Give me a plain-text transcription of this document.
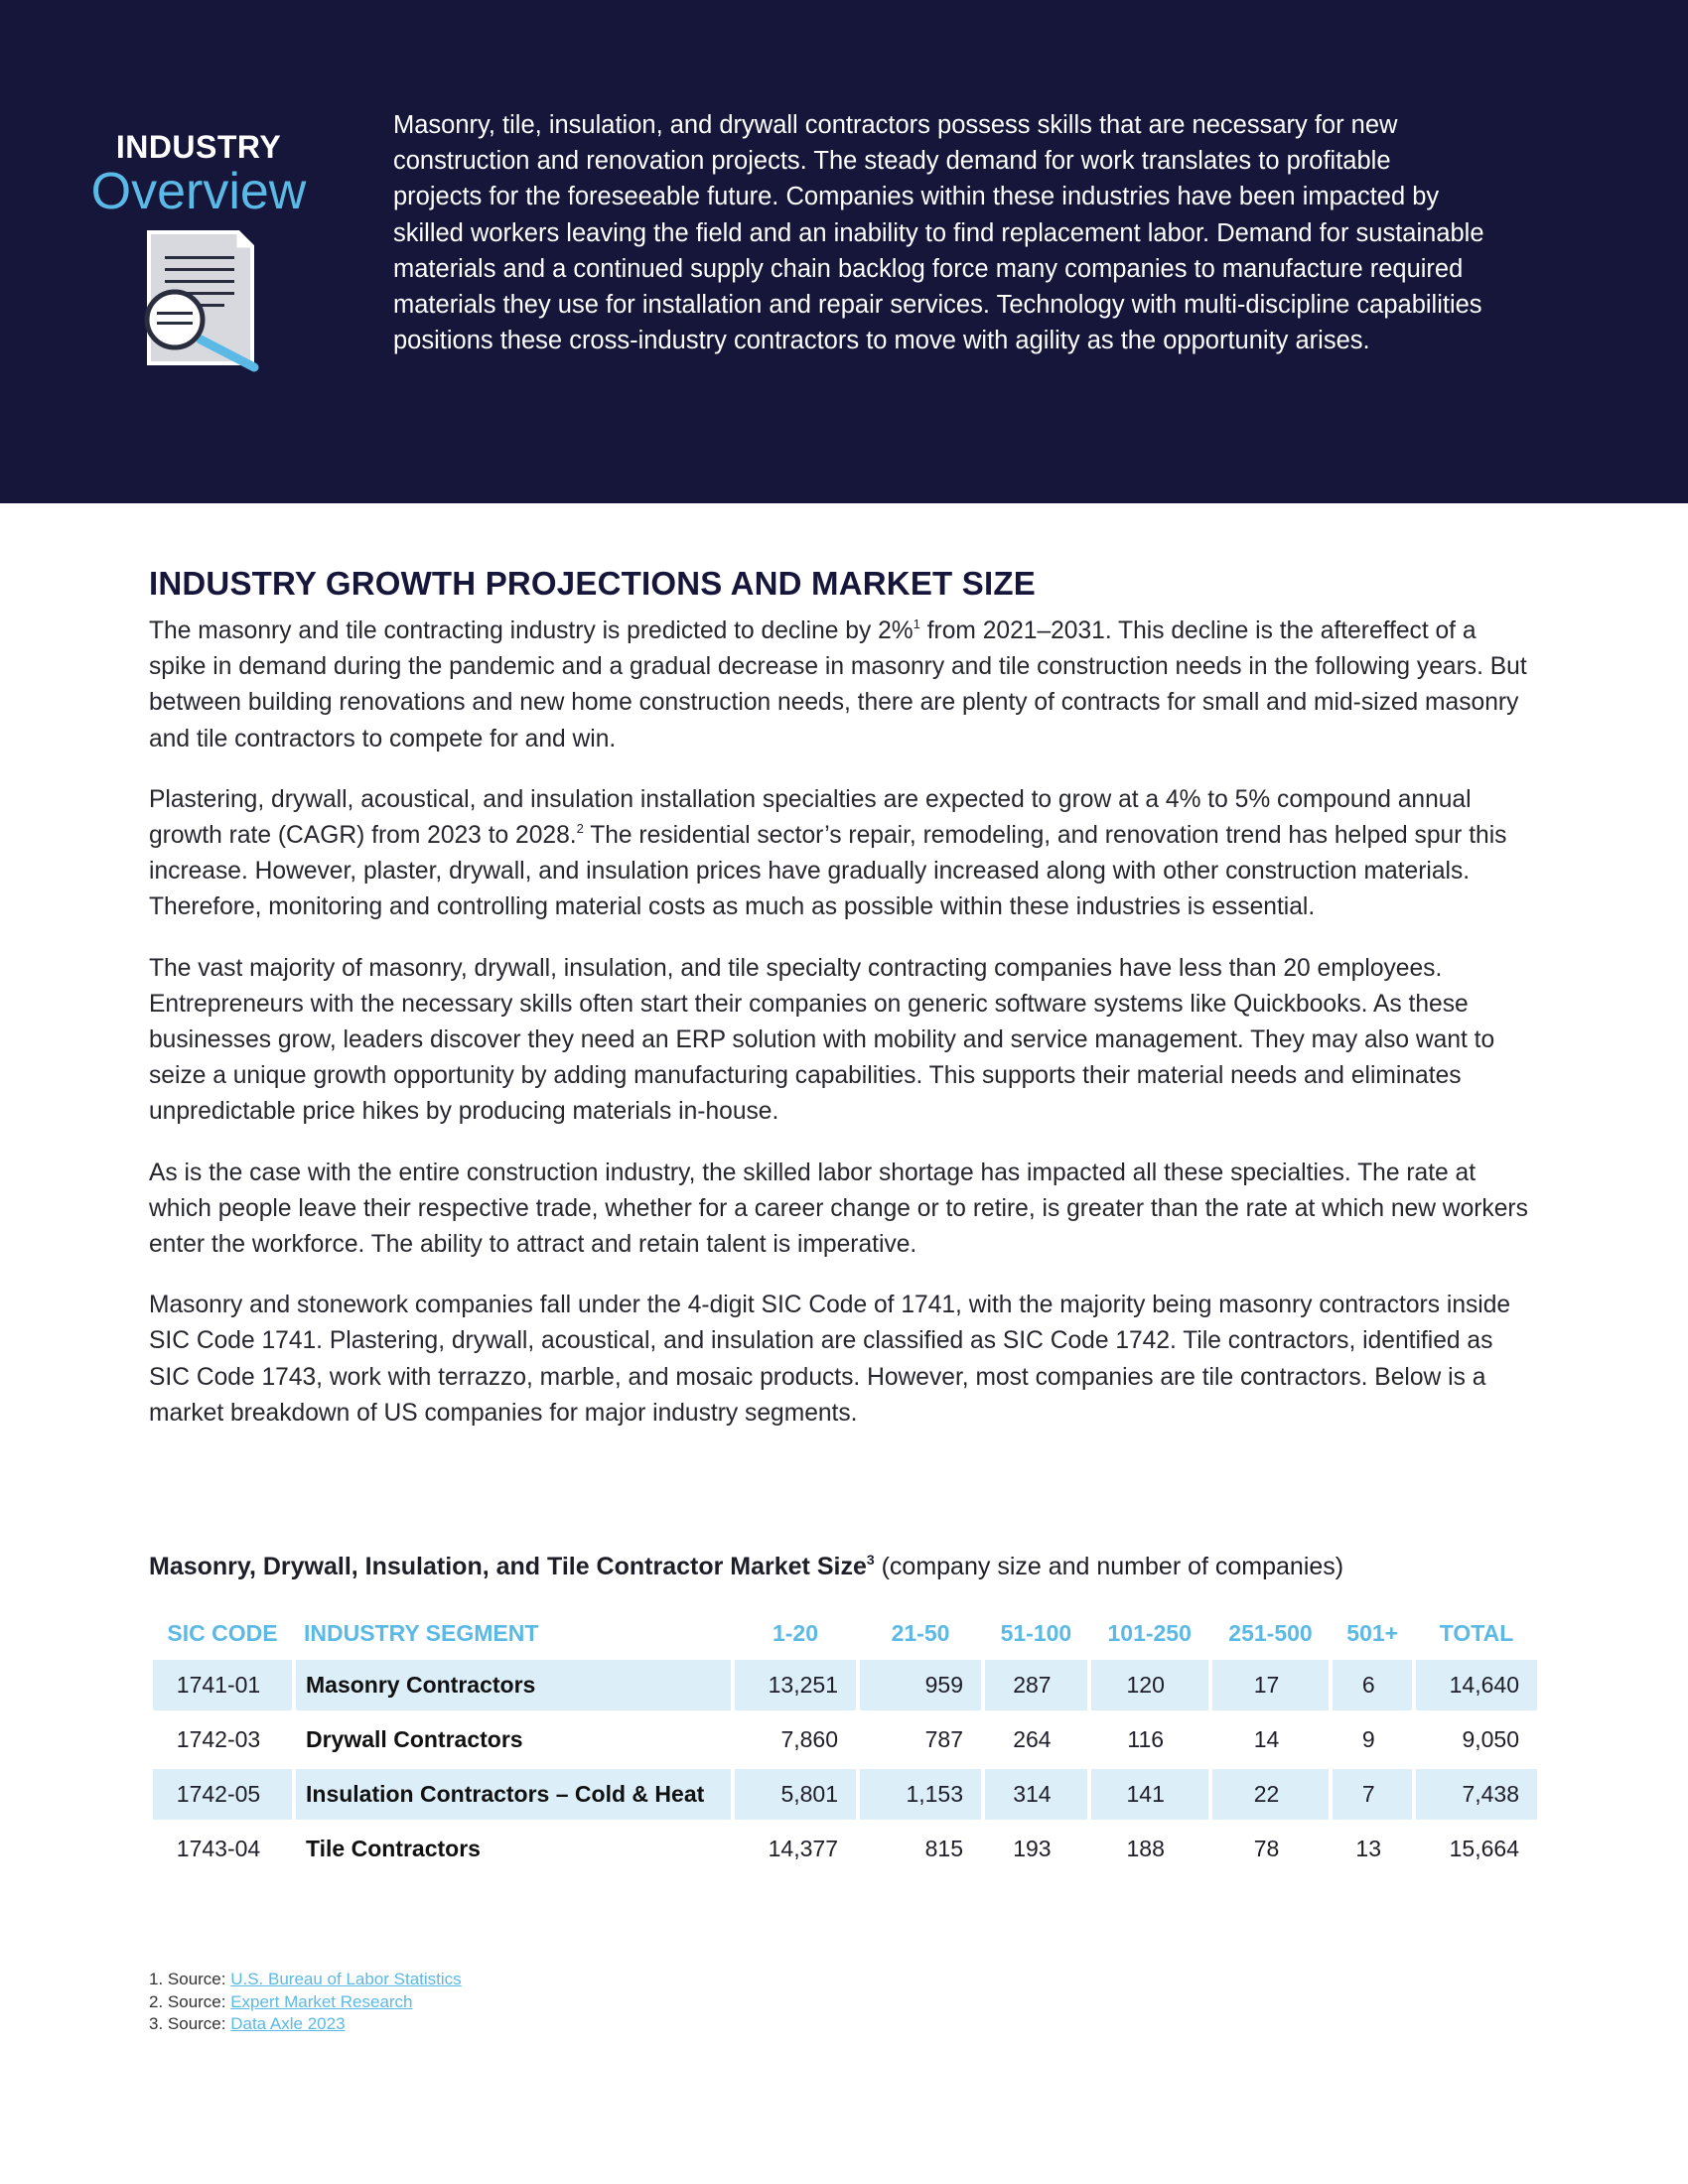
INDUSTRY
Overview

Masonry, tile, insulation, and drywall contractors possess skills that are necessary for new construction and renovation projects. The steady demand for work translates to profitable projects for the foreseeable future. Companies within these industries have been impacted by skilled workers leaving the field and an inability to find replacement labor. Demand for sustainable materials and a continued supply chain backlog force many companies to manufacture required materials they use for installation and repair services. Technology with multi-discipline capabilities positions these cross-industry contractors to move with agility as the opportunity arises.

INDUSTRY GROWTH PROJECTIONS AND MARKET SIZE

The masonry and tile contracting industry is predicted to decline by 2%$^1$ from 2021–2031. This decline is the aftereffect of a spike in demand during the pandemic and a gradual decrease in masonry and tile construction needs in the following years. But between building renovations and new home construction needs, there are plenty of contracts for small and mid-sized masonry and tile contractors to compete for and win.

Plastering, drywall, acoustical, and insulation installation specialties are expected to grow at a 4% to 5% compound annual growth rate (CAGR) from 2023 to 2028.$^2$ The residential sector’s repair, remodeling, and renovation trend has helped spur this increase. However, plaster, drywall, and insulation prices have gradually increased along with other construction materials. Therefore, monitoring and controlling material costs as much as possible within these industries is essential.

The vast majority of masonry, drywall, insulation, and tile specialty contracting companies have less than 20 employees. Entrepreneurs with the necessary skills often start their companies on generic software systems like Quickbooks. As these businesses grow, leaders discover they need an ERP solution with mobility and service management. They may also want to seize a unique growth opportunity by adding manufacturing capabilities. This supports their material needs and eliminates unpredictable price hikes by producing materials in-house.

As is the case with the entire construction industry, the skilled labor shortage has impacted all these specialties. The rate at which people leave their respective trade, whether for a career change or to retire, is greater than the rate at which new workers enter the workforce. The ability to attract and retain talent is imperative.

Masonry and stonework companies fall under the 4-digit SIC Code of 1741, with the majority being masonry contractors inside SIC Code 1741. Plastering, drywall, acoustical, and insulation are classified as SIC Code 1742. Tile contractors, identified as SIC Code 1743, work with terrazzo, marble, and mosaic products. However, most companies are tile contractors. Below is a market breakdown of US companies for major industry segments.

Masonry, Drywall, Insulation, and Tile Contractor Market Size$^3$ (company size and number of companies)

SIC CODE	INDUSTRY SEGMENT	1-20	21-50	51-100	101-250	251-500	501+	TOTAL
1741-01	Masonry Contractors	13,251	959	287	120	17	6	14,640
1742-03	Drywall Contractors	7,860	787	264	116	14	9	9,050
1742-05	Insulation Contractors – Cold & Heat	5,801	1,153	314	141	22	7	7,438
1743-04	Tile Contractors	14,377	815	193	188	78	13	15,664

1. Source: U.S. Bureau of Labor Statistics

2. Source: Expert Market Research

3. Source: Data Axle 2023
